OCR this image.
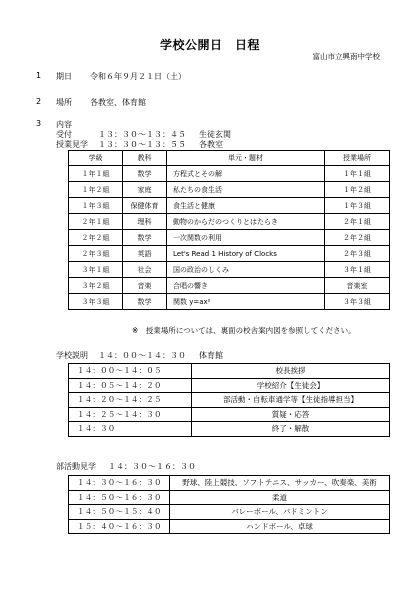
学校公開日　日程
富山市立興南中学校
1 期日 令和６年９月２１日（土）
2 場所 各教室、体育館
3 内容
受付	１３：３０～１３：４５ 生徒玄関
授業見学 １３：３０～１３：５５ 各教室
学級	教科	単元・題材	授業場所
１年１組	数学	方程式とその解	１年１組
１年２組	家庭	私たちの食生活	１年２組
１年３組	保健体育	食生活と健康	１年３組
２年１組	理科	動物のからだのつくりとはたらき	２年１組
２年２組	数学	一次関数の利用	２年２組
２年３組	英語	Let's Read 1 History of Clocks	２年３組
３年１組	社会	国の政治のしくみ	３年１組
３年２組	音楽	合唱の響き	音楽室
３年３組	数学	関数 y=ax²	３年３組
※　授業場所については、裏面の校舎案内図を参照してください。
学校説明 １４：００～１４：３０ 体育館
１４：００～１４：０５	校長挨拶
１４：０５～１４：２０	学校紹介【生徒会】
１４：２０～１４：２５	部活動・自転車通学等【生徒指導担当】
１４：２５～１４：３０	質疑・応答
１４：３０	終了・解散
部活動見学 １４：３０～１６：３０
１４：３０～１６：３０	野球、陸上競技、ソフトテニス、サッカー、吹奏楽、美術
１４：５０～１６：３０	柔道
１４：５０～１５：４０	バレーボール、バドミントン
１５：４０～１６：３０	ハンドボール、卓球
